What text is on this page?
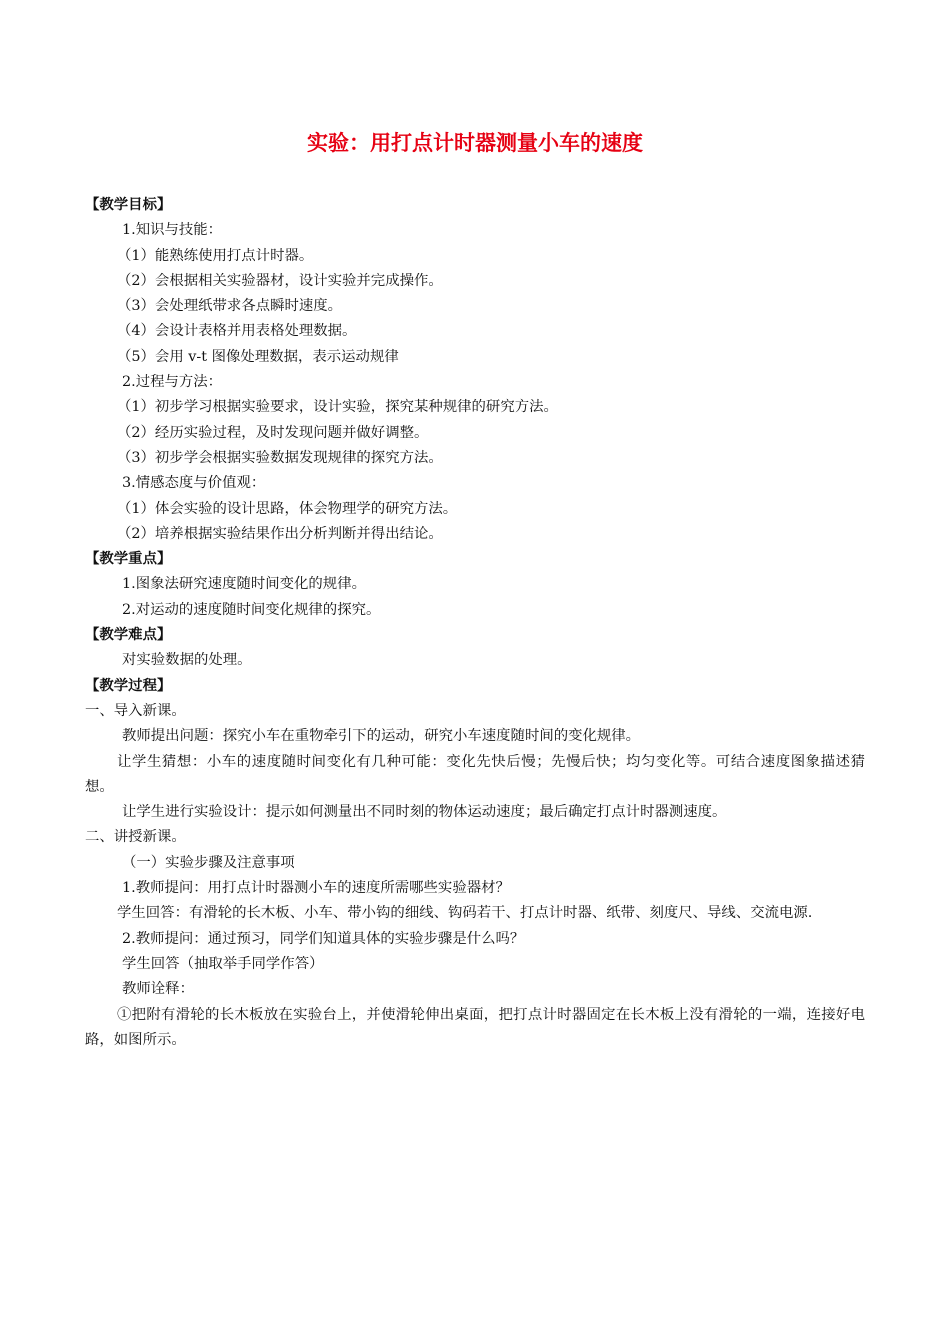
实验：用打点计时器测量小车的速度
【教学目标】
1.知识与技能：
（1）能熟练使用打点计时器。
（2）会根据相关实验器材，设计实验并完成操作。
（3）会处理纸带求各点瞬时速度。
（4）会设计表格并用表格处理数据。
（5）会用 v-t 图像处理数据，表示运动规律
2.过程与方法：
（1）初步学习根据实验要求，设计实验，探究某种规律的研究方法。
（2）经历实验过程，及时发现问题并做好调整。
（3）初步学会根据实验数据发现规律的探究方法。
3.情感态度与价值观：
（1）体会实验的设计思路，体会物理学的研究方法。
（2）培养根据实验结果作出分析判断并得出结论。
【教学重点】
1.图象法研究速度随时间变化的规律。
2.对运动的速度随时间变化规律的探究。
【教学难点】
对实验数据的处理。
【教学过程】
一、导入新课。
教师提出问题：探究小车在重物牵引下的运动，研究小车速度随时间的变化规律。
让学生猜想：小车的速度随时间变化有几种可能：变化先快后慢；先慢后快；均匀变化等。可结合速度图象描述猜想。
让学生进行实验设计：提示如何测量出不同时刻的物体运动速度；最后确定打点计时器测速度。
二、讲授新课。
（一）实验步骤及注意事项
1.教师提问：用打点计时器测小车的速度所需哪些实验器材？
学生回答：有滑轮的长木板、小车、带小钩的细线、钩码若干、打点计时器、纸带、刻度尺、导线、交流电源.
2.教师提问：通过预习，同学们知道具体的实验步骤是什么吗？
学生回答（抽取举手同学作答）
教师诠释：
①把附有滑轮的长木板放在实验台上，并使滑轮伸出桌面，把打点计时器固定在长木板上没有滑轮的一端，连接好电路，如图所示。
